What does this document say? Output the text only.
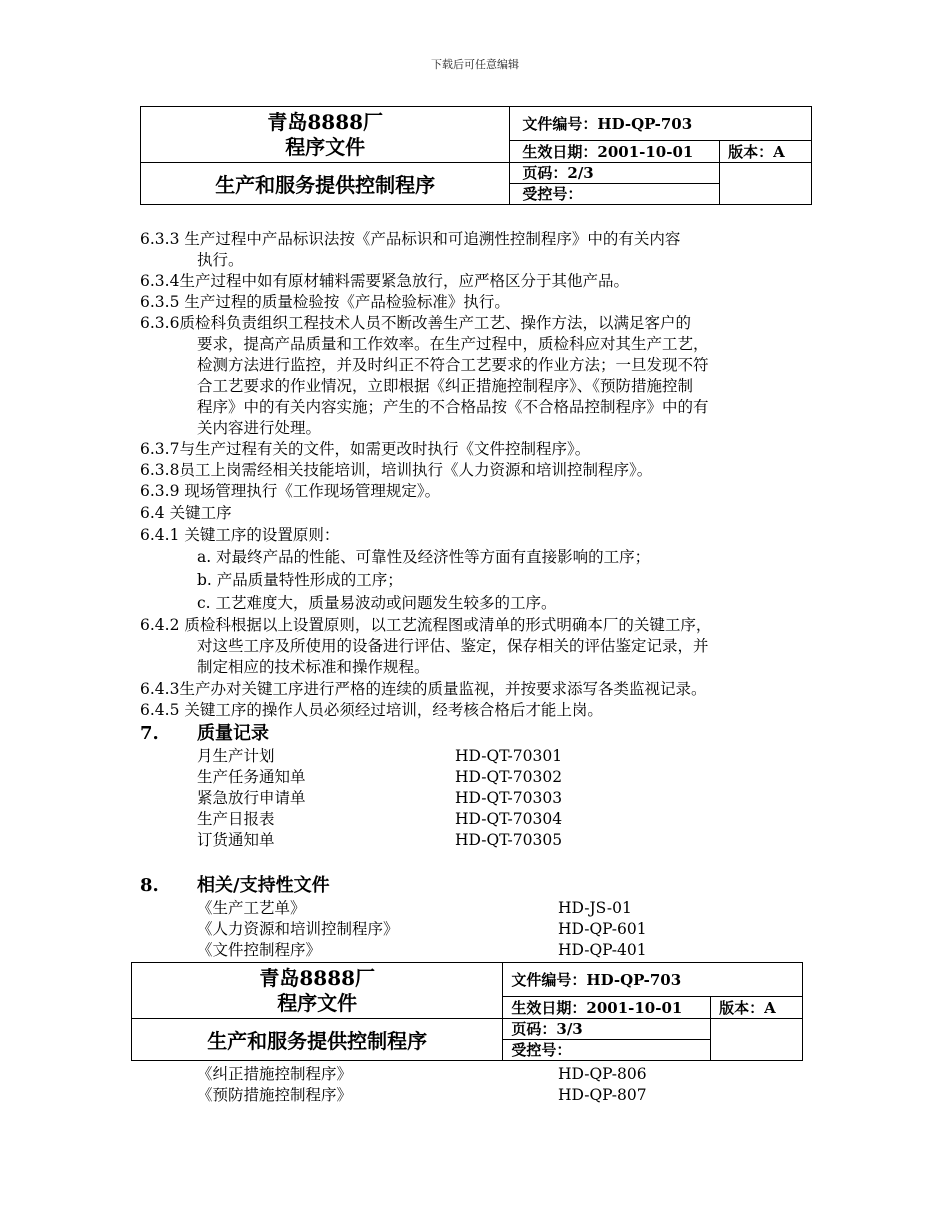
下载后可任意编辑
青岛8888厂
程序文件	文件编号：HD-QP-703	
	生效日期：2001-10-01	版本：A
生产和服务提供控制程序	页码：2/3	
	受控号：	
6.3.3 生产过程中产品标识法按《产品标识和可追溯性控制程序》中的有关内容
执行。
6.3.4生产过程中如有原材辅料需要紧急放行，应严格区分于其他产品。
6.3.5 生产过程的质量检验按《产品检验标准》执行。
6.3.6质检科负责组织工程技术人员不断改善生产工艺、操作方法，以满足客户的
要求，提高产品质量和工作效率。在生产过程中，质检科应对其生产工艺，
检测方法进行监控，并及时纠正不符合工艺要求的作业方法；一旦发现不符
合工艺要求的作业情况，立即根据《纠正措施控制程序》、《预防措施控制
程序》中的有关内容实施；产生的不合格品按《不合格品控制程序》中的有
关内容进行处理。
6.3.7与生产过程有关的文件，如需更改时执行《文件控制程序》。
6.3.8员工上岗需经相关技能培训，培训执行《人力资源和培训控制程序》。
6.3.9 现场管理执行《工作现场管理规定》。
6.4 关键工序
6.4.1 关键工序的设置原则：
a. 对最终产品的性能、可靠性及经济性等方面有直接影响的工序；
b. 产品质量特性形成的工序；
c. 工艺难度大，质量易波动或问题发生较多的工序。
6.4.2 质检科根据以上设置原则，以工艺流程图或清单的形式明确本厂的关键工序，
对这些工序及所使用的设备进行评估、鉴定，保存相关的评估鉴定记录，并
制定相应的技术标准和操作规程。
6.4.3生产办对关键工序进行严格的连续的质量监视，并按要求添写各类监视记录。
6.4.5 关键工序的操作人员必须经过培训，经考核合格后才能上岗。
7. 质量记录
月生产计划	HD-QT-70301
生产任务通知单	HD-QT-70302
紧急放行申请单	HD-QT-70303
生产日报表	HD-QT-70304
订货通知单	HD-QT-70305
8. 相关/支持性文件
《生产工艺单》	HD-JS-01
《人力资源和培训控制程序》	HD-QP-601
《文件控制程序》	HD-QP-401
青岛8888厂
程序文件	文件编号：HD-QP-703	
	生效日期：2001-10-01	版本：A
生产和服务提供控制程序	页码：3/3	
	受控号：	
《纠正措施控制程序》	HD-QP-806
《预防措施控制程序》	HD-QP-807
